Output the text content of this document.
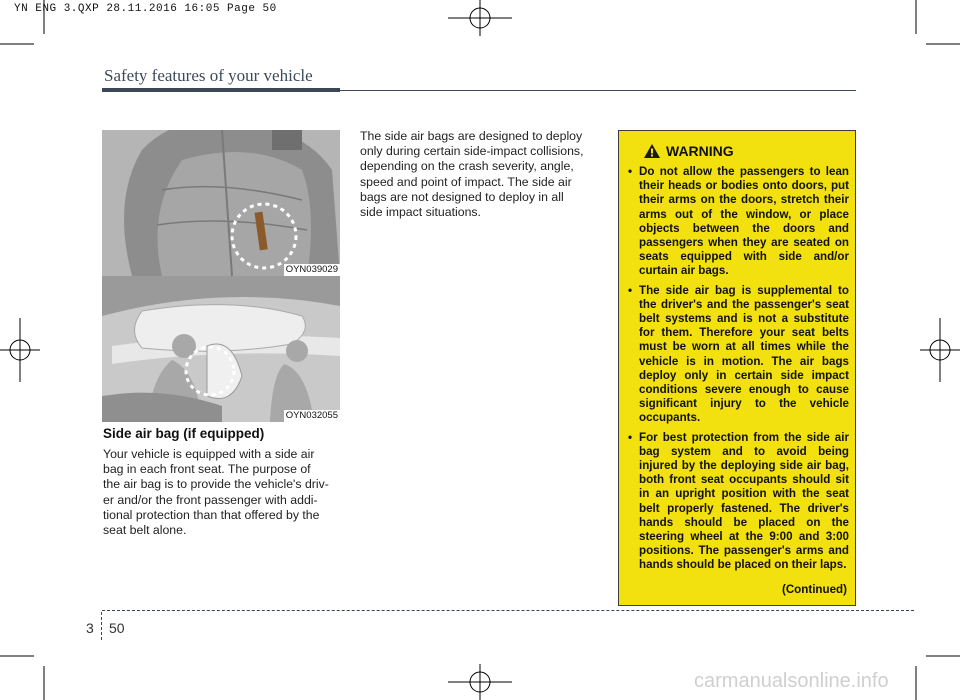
YN ENG 3.QXP 28.11.2016 16:05 Page 50
Safety features of your vehicle
OYN039029
OYN032055
Side air bag (if equipped)
Your vehicle is equipped with a side air
bag in each front seat. The purpose of
the air bag is to provide the vehicle's driv-
er and/or the front passenger with addi-
tional protection than that offered by the
seat belt alone.
The side air bags are designed to deploy
only during certain side-impact collisions,
depending on the crash severity, angle,
speed and point of impact. The side air
bags are not designed to deploy in all
side impact situations.
WARNING
• Do not allow the passengers to lean their heads or bodies onto doors, put their arms on the doors, stretch their arms out of the window, or place objects between the doors and passengers when they are seated on seats equipped with side and/or curtain air bags.
• The side air bag is supplemental to the driver's and the passenger's seat belt systems and is not a substitute for them. Therefore your seat belts must be worn at all times while the vehicle is in motion. The air bags deploy only in certain side impact conditions severe enough to cause significant injury to the vehicle occupants.
• For best protection from the side air bag system and to avoid being injured by the deploying side air bag, both front seat occupants should sit in an upright position with the seat belt properly fastened. The driver's hands should be placed on the steering wheel at the 9:00 and 3:00 positions. The passenger's arms and hands should be placed on their laps.
(Continued)
3 50
carmanualsonline.info
